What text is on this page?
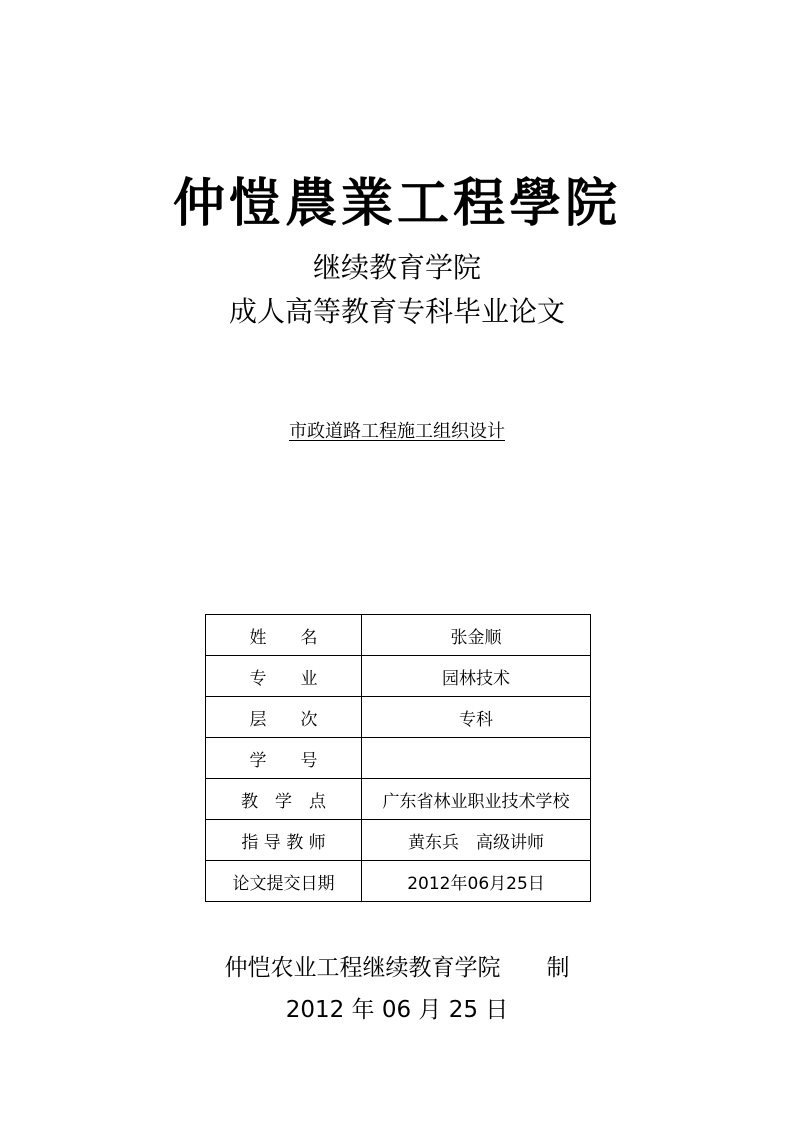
仲愷農業工程學院
继续教育学院
成人高等教育专科毕业论文
市政道路工程施工组织设计
姓　　名	张金顺
专　　业	园林技术
层　　次	专科
学　　号	
教　学　点	广东省林业职业技术学校
指 导 教 师	黄东兵　高级讲师
论文提交日期	2012年06月25日
仲恺农业工程继续教育学院　　制
2012 年 06 月 25 日
